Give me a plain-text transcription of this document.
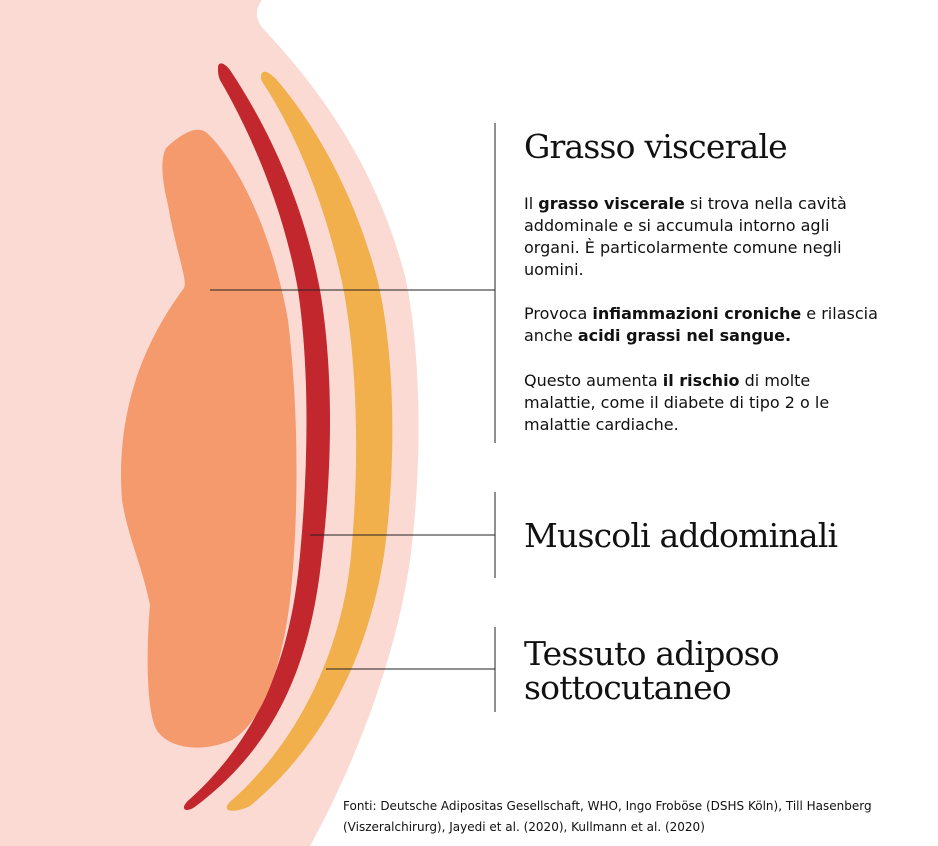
Grasso viscerale

Il grasso viscerale si trova nella cavità addominale e si accumula intorno agli organi. È particolarmente comune negli uomini.

Provoca infiammazioni croniche e rilascia anche acidi grassi nel sangue.

Questo aumenta il rischio di molte malattie, come il diabete di tipo 2 o le malattie cardiache.

Muscoli addominali
Tessuto adiposo
sottocutaneo

Fonti: Deutsche Adipositas Gesellschaft, WHO, Ingo Froböse (DSHS Köln), Till Hasenberg (Viszeralchirurg), Jayedi et al. (2020), Kullmann et al. (2020)
